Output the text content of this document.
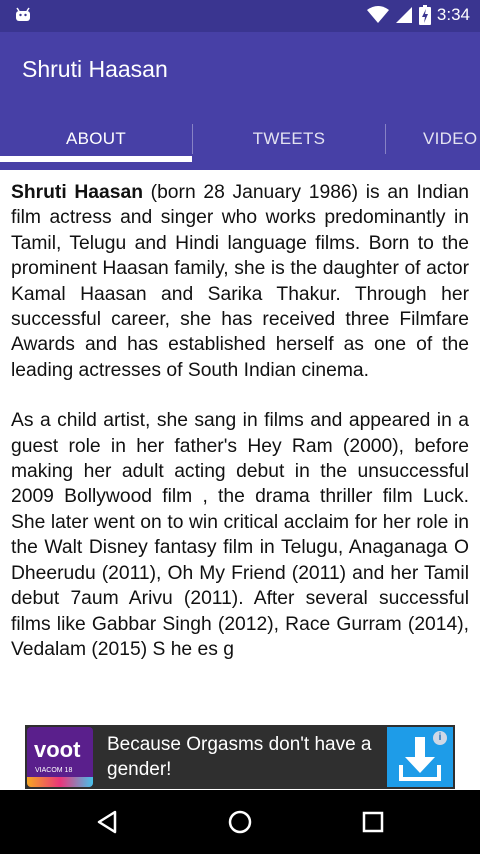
3:34
Shruti Haasan
ABOUT	TWEETS	VIDEO

Shruti Haasan (born 28 January 1986) is an Indian film actress and singer who works predominantly in Tamil, Telugu and Hindi language films. Born to the prominent Haasan family, she is the daughter of actor Kamal Haasan and Sarika Thakur. Through her successful career, she has received three Filmfare Awards and has established herself as one of the leading actresses of South Indian cinema.

As a child artist, she sang in films and appeared in a guest role in her father's Hey Ram (2000), before making her adult acting debut in the unsuccessful 2009 Bollywood film , the drama thriller film Luck. She later went on to win critical acclaim for her role in the Walt Disney fantasy film in Telugu, Anaganaga O Dheerudu (2011), Oh My Friend (2011) and her Tamil debut 7aum Arivu (2011). After several successful films like Gabbar Singh (2012), Race Gurram (2014), Vedalam (2015) S he es g

voot
VIACOM 18
Because Orgasms don't have a gender!
i
